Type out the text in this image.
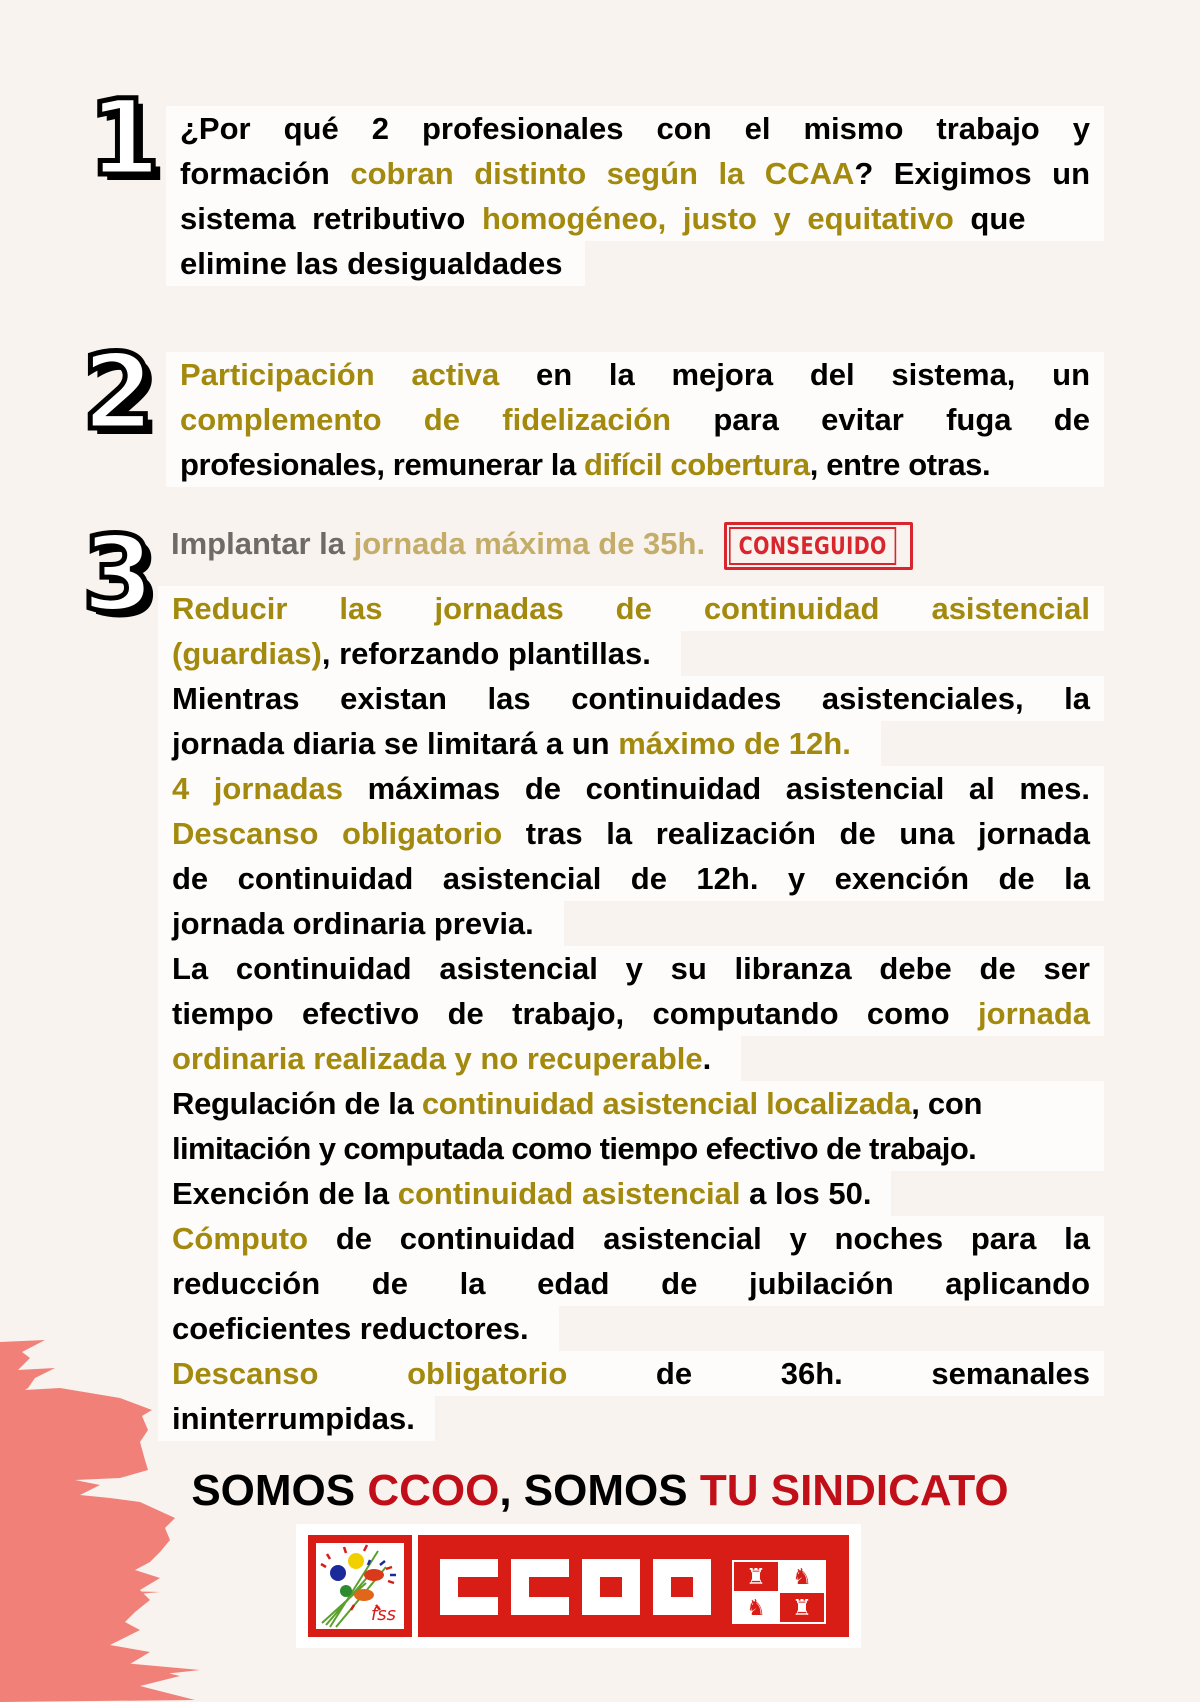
1 ¿Por qué 2 profesionales con el mismo trabajo y
formación cobran distinto según la CCAA? Exigimos un
sistema retributivo homogéneo, justo y equitativo que
elimine las desigualdades
2 Participación activa en la mejora del sistema, un
complemento de fidelización para evitar fuga de
profesionales, remunerar la difícil cobertura, entre otras.
3 Implantar la jornada máxima de 35h.	CONSEGUIDO
Reducir las jornadas de continuidad asistencial
(guardias), reforzando plantillas.
Mientras existan las continuidades asistenciales, la
jornada diaria se limitará a un máximo de 12h.
4 jornadas máximas de continuidad asistencial al mes.
Descanso obligatorio tras la realización de una jornada
de continuidad asistencial de 12h. y exención de la
jornada ordinaria previa.
La continuidad asistencial y su libranza debe de ser
tiempo efectivo de trabajo, computando como jornada
ordinaria realizada y no recuperable.
Regulación de la continuidad asistencial localizada, con
limitación y computada como tiempo efectivo de trabajo.
Exención de la continuidad asistencial a los 50.
Cómputo de continuidad asistencial y noches para la
reducción de la edad de jubilación aplicando
coeficientes reductores.
Descanso obligatorio de 36h. semanales
ininterrumpidas.
SOMOS CCOO, SOMOS TU SINDICATO
fss
♜	♞
♞	♜
